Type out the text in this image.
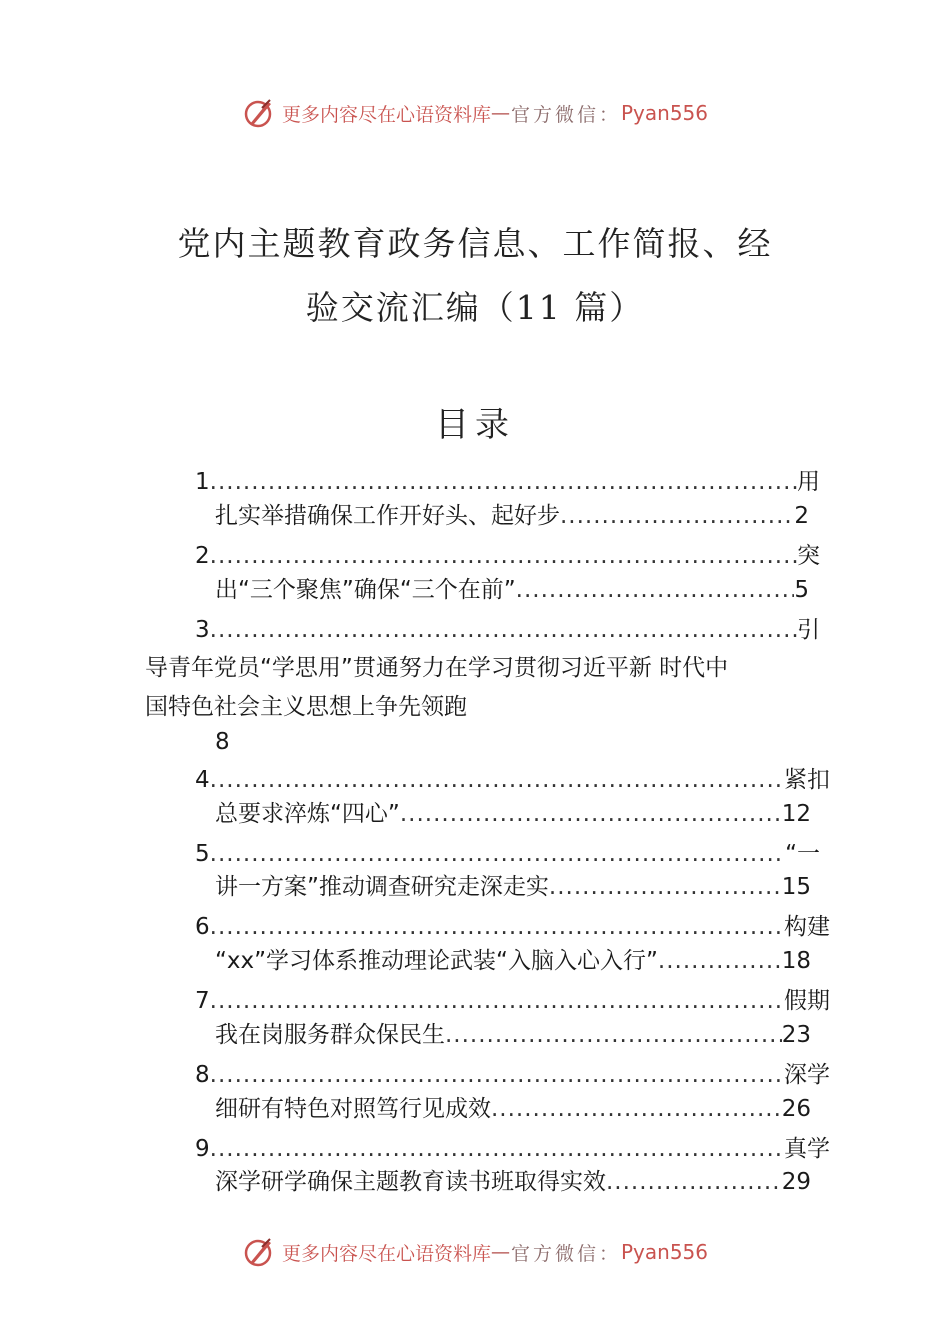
更多内容尽在心语资料库 — 官方微信： Pyan556
党内主题教育政务信息、工作简报、经
验交流汇编（11 篇）
目录
1 .....	用
扎实举措确保工作开好头、起好步 .....	2
2 .....	突
出“三个聚焦”确保“三个在前” .....	5
3 .....	引
导青年党员“学思用”贯通努力在学习贯彻习近平新 时代中
国特色社会主义思想上争先领跑
8
4 .....	紧扣
总要求淬炼“四心” .....	12
5 .....	“一
讲一方案”推动调查研究走深走实 .....	15
6 .....	构建
“xx”学习体系推动理论武装“入脑入心入行” .....	18
7 .....	假期
我在岗服务群众保民生 .....	23
8 .....	深学
细研有特色对照笃行见成效 .....	26
9 .....	真学
深学研学确保主题教育读书班取得实效 .....	29
更多内容尽在心语资料库 — 官方微信： Pyan556
